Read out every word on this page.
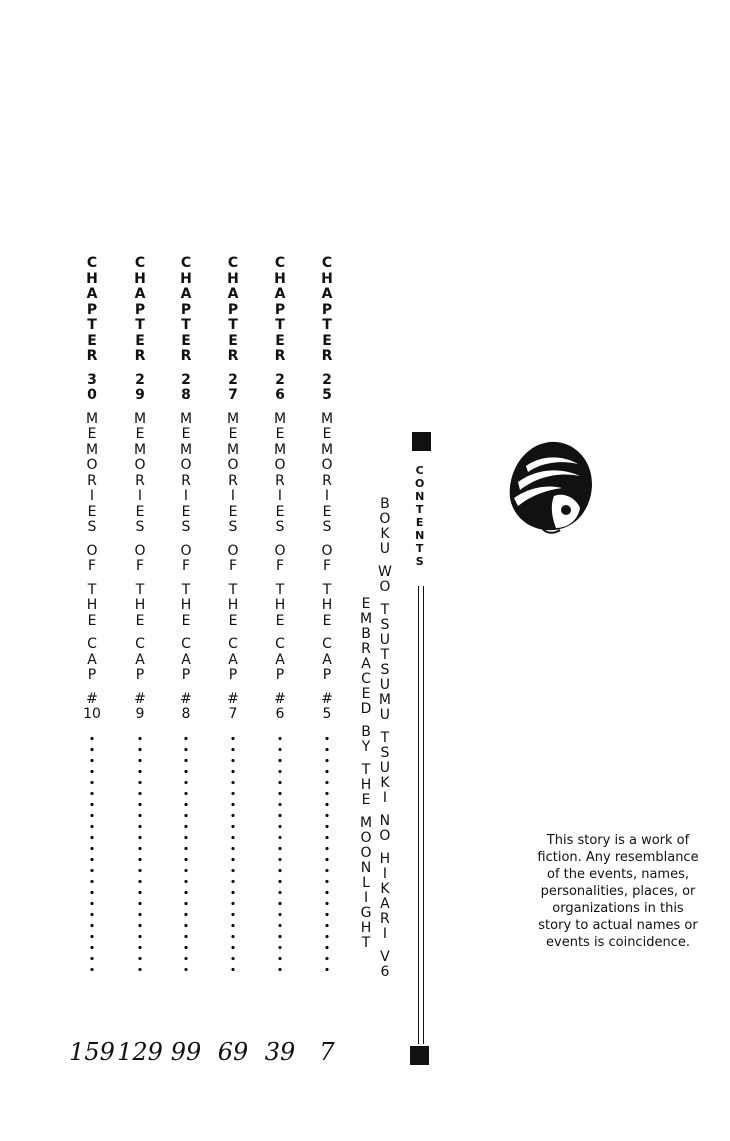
C
H
A
P
T
E
R
3
0
M
E
M
O
R
I
E
S
O
F
T
H
E
C
A
P
#
10
159
C
H
A
P
T
E
R
2
9
M
E
M
O
R
I
E
S
O
F
T
H
E
C
A
P
#
9
129
C
H
A
P
T
E
R
2
8
M
E
M
O
R
I
E
S
O
F
T
H
E
C
A
P
#
8
99
C
H
A
P
T
E
R
2
7
M
E
M
O
R
I
E
S
O
F
T
H
E
C
A
P
#
7
69
C
H
A
P
T
E
R
2
6
M
E
M
O
R
I
E
S
O
F
T
H
E
C
A
P
#
6
39
C
H
A
P
T
E
R
2
5
M
E
M
O
R
I
E
S
O
F
T
H
E
C
A
P
#
5
7
B
O
K
U
W
O
T
S
U
T
S
U
M
U
T
S
U
K
I
N
O
H
I
K
A
R
I
V
6
E
M
B
R
A
C
E
D
B
Y
T
H
E
M
O
O
N
L
I
G
H
T
C
O
N
T
E
N
T
S
This story is a work of
fiction. Any resemblance
of the events, names,
personalities, places, or
organizations in this
story to actual names or
events is coincidence.
